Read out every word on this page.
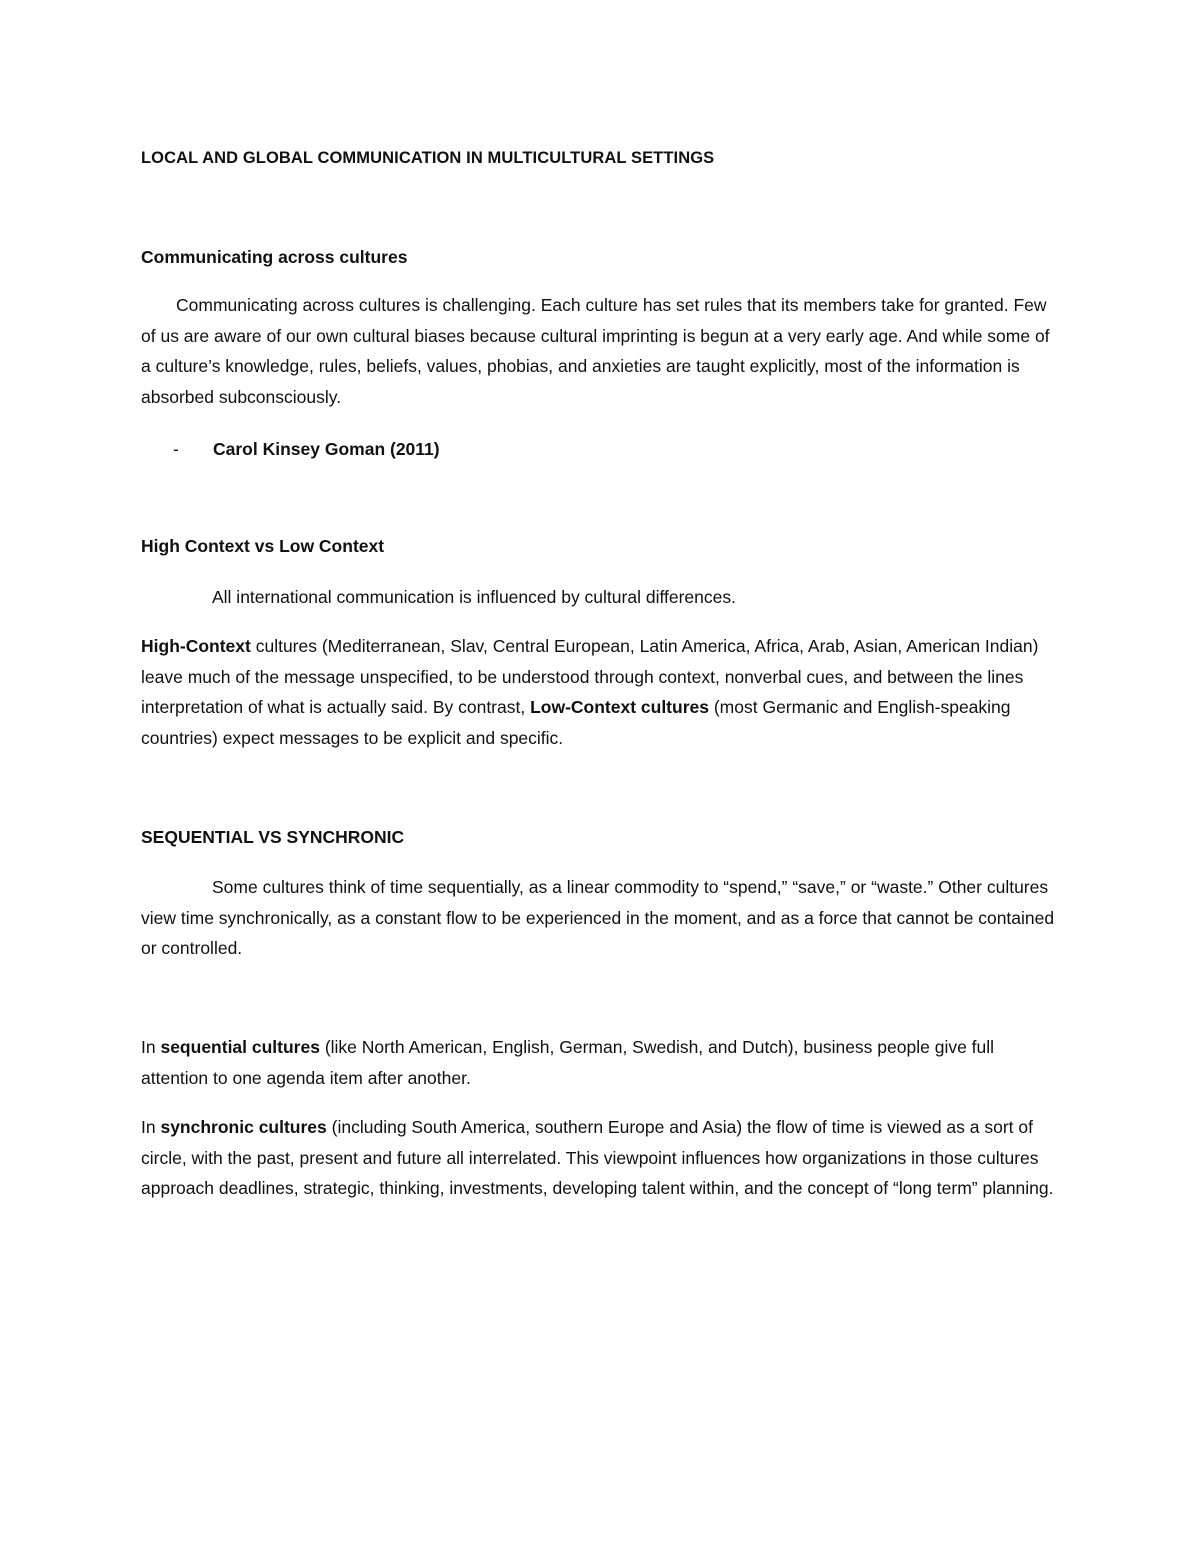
LOCAL AND GLOBAL COMMUNICATION IN MULTICULTURAL SETTINGS

Communicating across cultures

Communicating across cultures is challenging. Each culture has set rules that its members take for granted. Few of us are aware of our own cultural biases because cultural imprinting is begun at a very early age. And while some of a culture’s knowledge, rules, beliefs, values, phobias, and anxieties are taught explicitly, most of the information is absorbed subconsciously.

- Carol Kinsey Goman (2011)

High Context vs Low Context

All international communication is influenced by cultural differences.

High-Context cultures (Mediterranean, Slav, Central European, Latin America, Africa, Arab, Asian, American Indian) leave much of the message unspecified, to be understood through context, nonverbal cues, and between the lines interpretation of what is actually said. By contrast, Low-Context cultures (most Germanic and English-speaking countries) expect messages to be explicit and specific.

SEQUENTIAL VS SYNCHRONIC

Some cultures think of time sequentially, as a linear commodity to “spend,” “save,” or “waste.” Other cultures view time synchronically, as a constant flow to be experienced in the moment, and as a force that cannot be contained or controlled.

In sequential cultures (like North American, English, German, Swedish, and Dutch), business people give full attention to one agenda item after another.

In synchronic cultures (including South America, southern Europe and Asia) the flow of time is viewed as a sort of circle, with the past, present and future all interrelated. This viewpoint influences how organizations in those cultures approach deadlines, strategic, thinking, investments, developing talent within, and the concept of “long term” planning.
